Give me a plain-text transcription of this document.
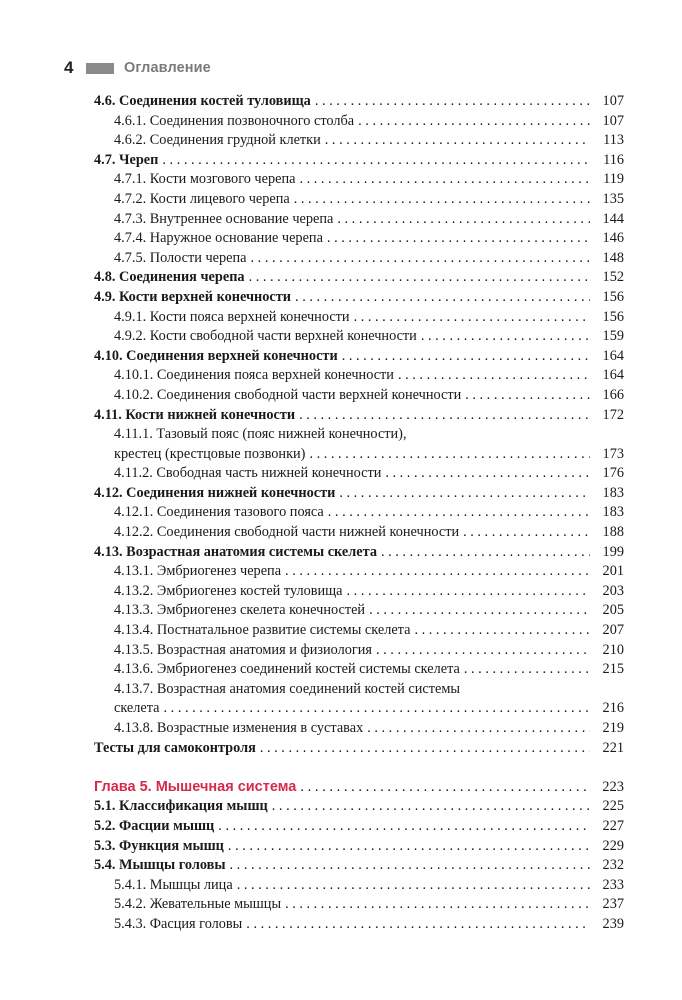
4	Оглавление
4.6. Соединения костей туловища . . .	107
4.6.1. Соединения позвоночного столба . . .	107
4.6.2. Соединения грудной клетки . . .	113
4.7. Череп . . .	116
4.7.1. Кости мозгового черепа . . .	119
4.7.2. Кости лицевого черепа . . .	135
4.7.3. Внутреннее основание черепа . . .	144
4.7.4. Наружное основание черепа . . .	146
4.7.5. Полости черепа . . .	148
4.8. Соединения черепа . . .	152
4.9. Кости верхней конечности . . .	156
4.9.1. Кости пояса верхней конечности . . .	156
4.9.2. Кости свободной части верхней конечности . . .	159
4.10. Соединения верхней конечности . . .	164
4.10.1. Соединения пояса верхней конечности . . .	164
4.10.2. Соединения свободной части верхней конечности . . .	166
4.11. Кости нижней конечности . . .	172
4.11.1. Тазовый пояс (пояс нижней конечности),
крестец (крестцовые позвонки) . . .	173
4.11.2. Свободная часть нижней конечности . . .	176
4.12. Соединения нижней конечности . . .	183
4.12.1. Соединения тазового пояса . . .	183
4.12.2. Соединения свободной части нижней конечности . . .	188
4.13. Возрастная анатомия системы скелета . . .	199
4.13.1. Эмбриогенез черепа . . .	201
4.13.2. Эмбриогенез костей туловища . . .	203
4.13.3. Эмбриогенез скелета конечностей . . .	205
4.13.4. Постнатальное развитие системы скелета . . .	207
4.13.5. Возрастная анатомия и физиология . . .	210
4.13.6. Эмбриогенез соединений костей системы скелета . . .	215
4.13.7. Возрастная анатомия соединений костей системы
скелета . . .	216
4.13.8. Возрастные изменения в суставах . . .	219
Тесты для самоконтроля . . .	221
Глава 5. Мышечная система . . .	223
5.1. Классификация мышц . . .	225
5.2. Фасции мышц . . .	227
5.3. Функция мышц . . .	229
5.4. Мышцы головы . . .	232
5.4.1. Мышцы лица . . .	233
5.4.2. Жевательные мышцы . . .	237
5.4.3. Фасция головы . . .	239
